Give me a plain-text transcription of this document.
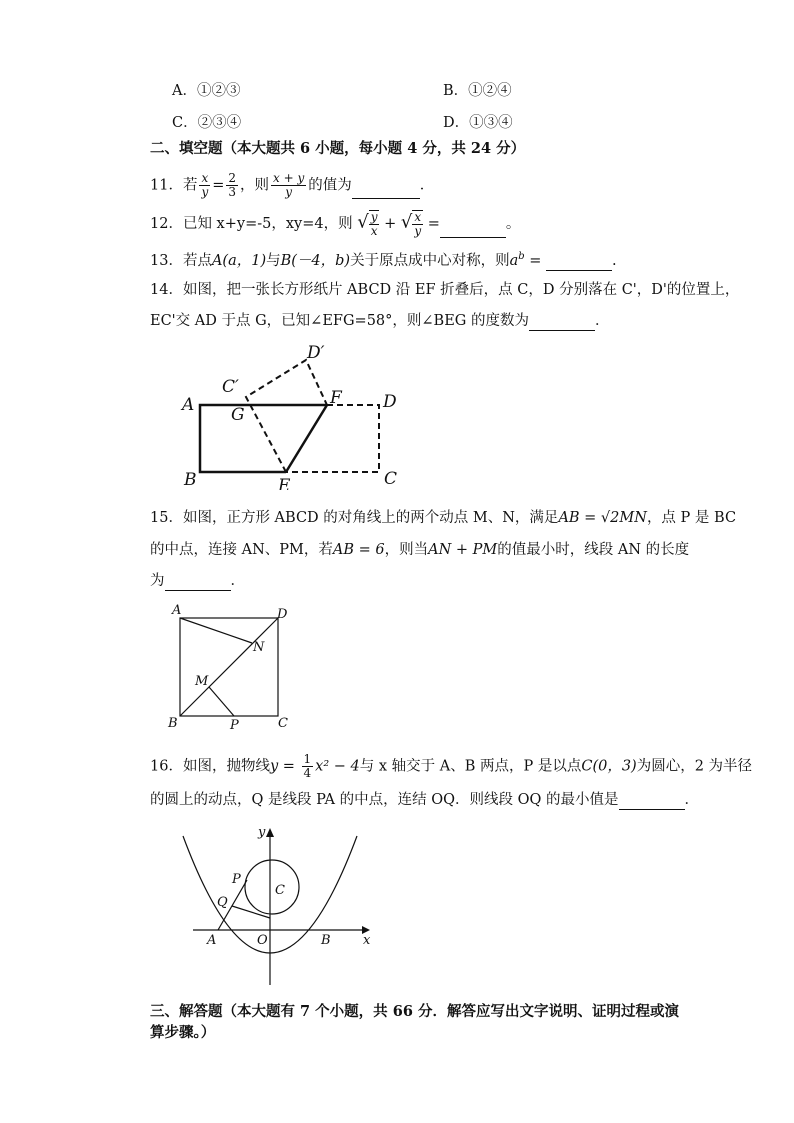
A．①②③	B．①②④
C．②③④	D．①③④
二、填空题（本大题共 6 小题，每小题 4 分，共 24 分）
11．若 $\frac{x}{y} = \frac{2}{3}$ ，则 $\frac{x + y}{y}$ 的值为	．
12．已知 x+y=-5，xy=4，则 √ $\frac{y}{x}$ + √ $\frac{x}{y}$ =	。
13．若点A(a，1)与B(－4，b)关于原点成中心对称，则$a^b$ =	.
14．如图，把一张长方形纸片 ABCD 沿 EF 折叠后，点 C，D 分别落在 C'，D'的位置上，
EC'交 AD 于点 G，已知∠EFG=58°，则∠BEG 的度数为	．
A
B	C
D
E
F
G
C′
D′
15．如图，正方形 ABCD 的对角线上的两个动点 M、N，满足AB = √2MN，点 P 是 BC
的中点，连接 AN、PM，若AB = 6，则当AN + PM的值最小时，线段 AN 的长度
为	．
A	D
B	C
N
M
P
16．如图，抛物线$y = \frac{1}{4} x^2 - 4$与 x 轴交于 A、B 两点，P 是以点C(0，3)为圆心，2 为半径
的圆上的动点，Q 是线段 PA 的中点，连结 OQ．则线段 OQ 的最小值是	．
y
x
A	O	B
C
P
Q
三、解答题（本大题有 7 个小题，共 66 分．解答应写出文字说明、证明过程或演
算步骤。）
